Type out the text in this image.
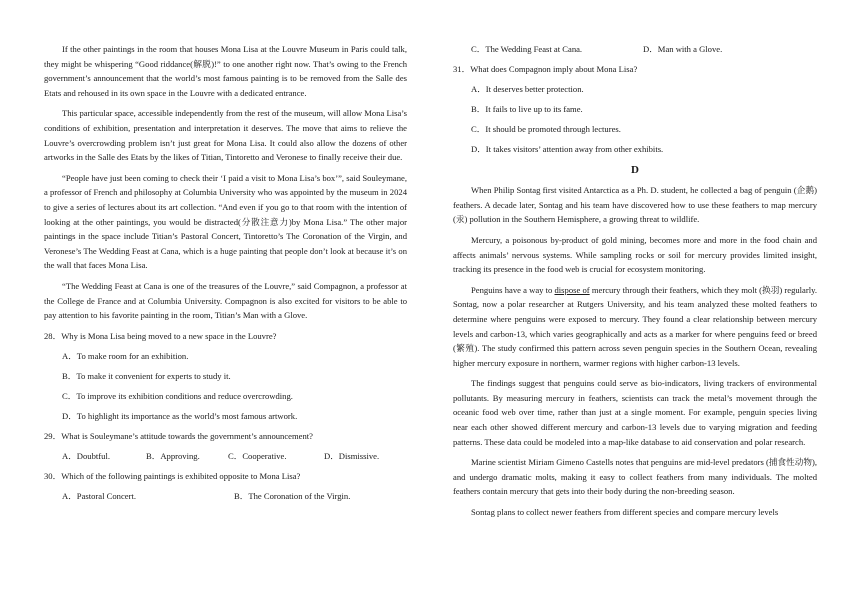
If the other paintings in the room that houses Mona Lisa at the Louvre Museum in Paris could talk, they might be whispering “Good riddance(解脱)!” to one another right now. That’s owing to the French government’s announcement that the world’s most famous painting is to be removed from the Salle des Etats and rehoused in its own space in the Louvre with a dedicated entrance.

This particular space, accessible independently from the rest of the museum, will allow Mona Lisa’s conditions of exhibition, presentation and interpretation it deserves. The move that aims to relieve the Louvre’s overcrowding problem isn’t just great for Mona Lisa. It could also allow the dozens of other artworks in the Salle des Etats by the likes of Titian, Tintoretto and Veronese to finally receive their due.

“People have just been coming to check their ‘I paid a visit to Mona Lisa’s box’”, said Souleymane, a professor of French and philosophy at Columbia University who was appointed by the museum in 2024 to give a series of lectures about its art collection. “And even if you go to that room with the intention of looking at the other paintings, you would be distracted(分散注意力)by Mona Lisa.” The other major paintings in the space include Titian’s Pastoral Concert, Tintoretto’s The Coronation of the Virgin, and Veronese’s The Wedding Feast at Cana, which is a huge painting that people don’t look at because it’s on the wall that faces Mona Lisa.

“The Wedding Feast at Cana is one of the treasures of the Louvre,” said Compagnon, a professor at the College de France and at Columbia University. Compagnon is also excited for visitors to be able to pay attention to his favorite painting in the room, Titian’s Man with a Glove.

28．Why is Mona Lisa being moved to a new space in the Louvre?
A．To make room for an exhibition.
B．To make it convenient for experts to study it.
C．To improve its exhibition conditions and reduce overcrowding.
D．To highlight its importance as the world’s most famous artwork.
29．What is Souleymane’s attitude towards the government’s announcement?
A．Doubtful.	B．Approving.	C．Cooperative.	D．Dismissive.
30．Which of the following paintings is exhibited opposite to Mona Lisa?
A．Pastoral Concert.	B．The Coronation of the Virgin.
C．The Wedding Feast at Cana.	D．Man with a Glove.
31．What does Compagnon imply about Mona Lisa?
A．It deserves better protection.
B．It fails to live up to its fame.
C．It should be promoted through lectures.
D．It takes visitors’ attention away from other exhibits.
D

When Philip Sontag first visited Antarctica as a Ph. D. student, he collected a bag of penguin (企鹅) feathers. A decade later, Sontag and his team have discovered how to use these feathers to map mercury (汞) pollution in the Southern Hemisphere, a growing threat to wildlife.

Mercury, a poisonous by-product of gold mining, becomes more and more in the food chain and affects animals’ nervous systems. While sampling rocks or soil for mercury provides limited insight, tracking its presence in the food web is crucial for ecosystem monitoring.

Penguins have a way to dispose of mercury through their feathers, which they molt (换羽) regularly. Sontag, now a polar researcher at Rutgers University, and his team analyzed these molted feathers to determine where penguins were exposed to mercury. They found a clear relationship between mercury levels and carbon-13, which varies geographically and acts as a marker for where penguins feed or breed (繁殖). The study confirmed this pattern across seven penguin species in the Southern Ocean, revealing higher mercury exposure in northern, warmer regions with higher carbon-13 levels.

The findings suggest that penguins could serve as bio-indicators, living trackers of environmental pollutants. By measuring mercury in feathers, scientists can track the metal’s movement through the oceanic food web over time, rather than just at a single moment. For example, penguin species living near each other showed different mercury and carbon-13 levels due to varying migration and feeding patterns. These data could be modeled into a map-like database to aid conservation and polar research.

Marine scientist Miriam Gimeno Castells notes that penguins are mid-level predators (捕食性动物), and undergo dramatic molts, making it easy to collect feathers from many individuals. The molted feathers contain mercury that gets into their body during the non-breeding season.

Sontag plans to collect newer feathers from different species and compare mercury levels
